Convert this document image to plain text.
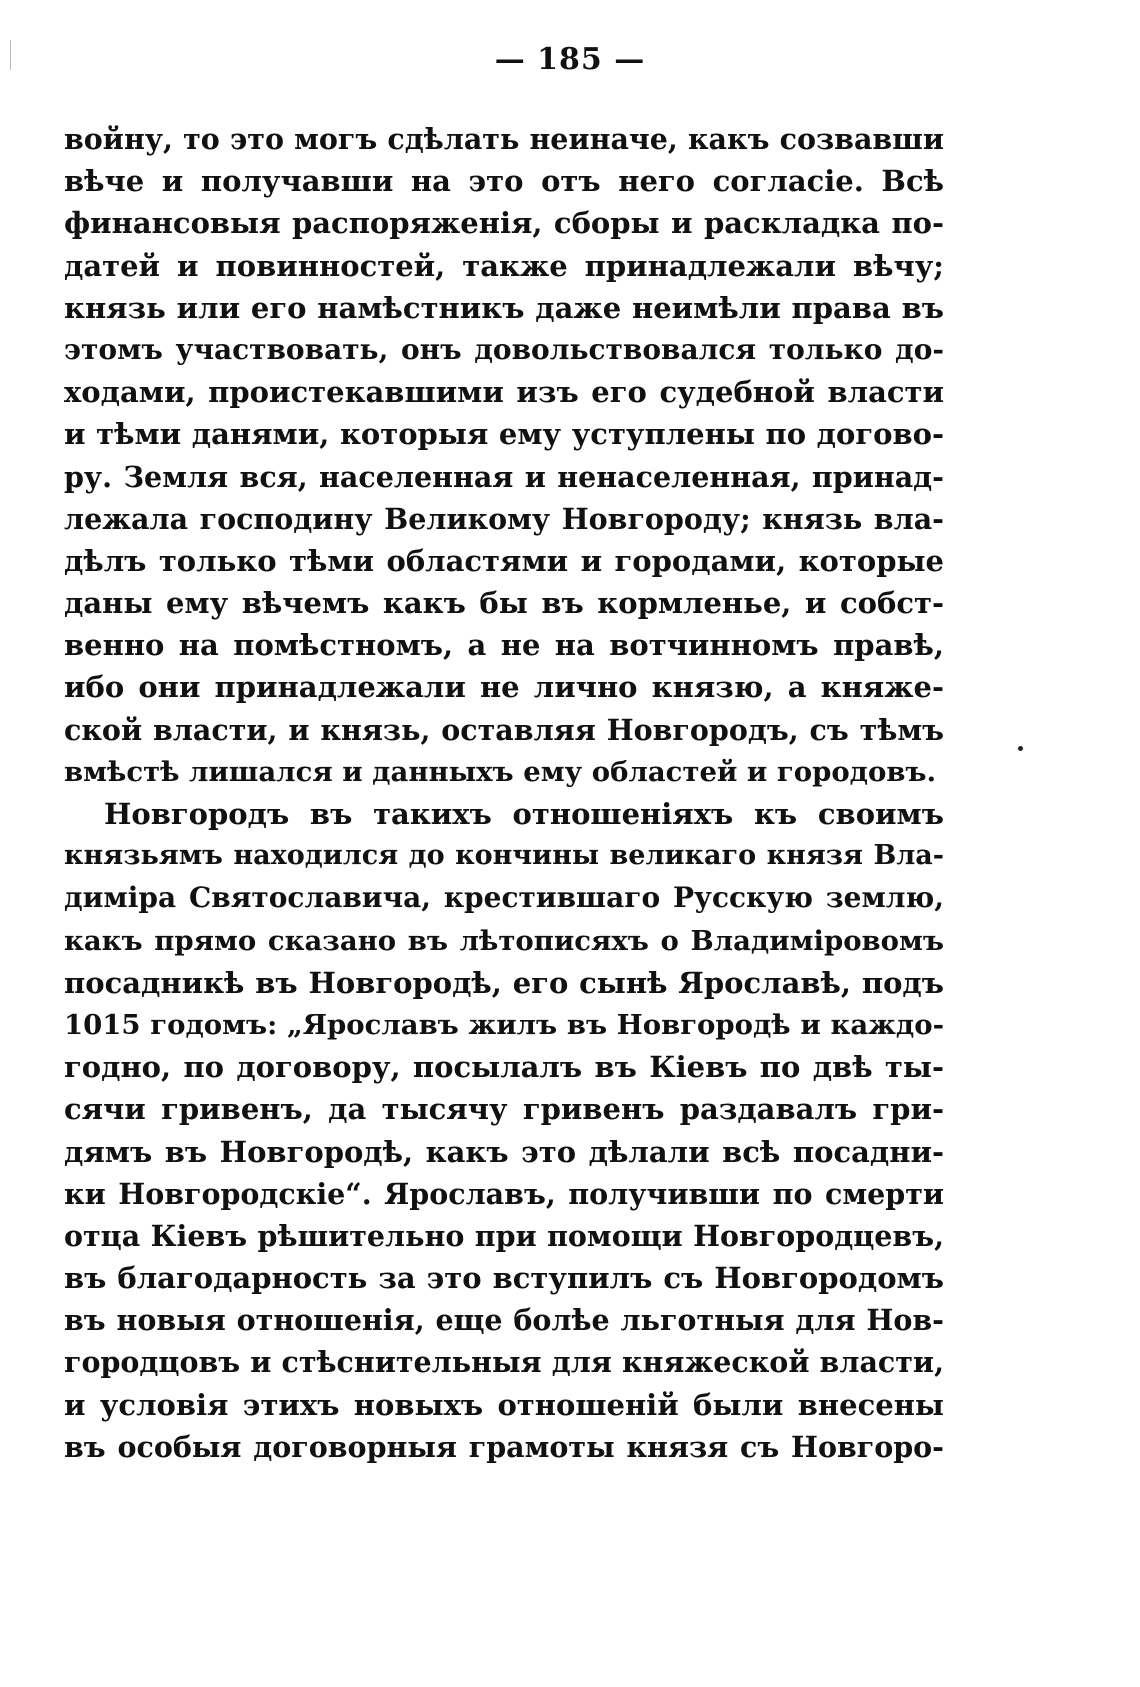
— 185 —
войну, то это могъ сдѣлать неиначе, какъ созвавши
вѣче и получавши на это отъ него согласіе. Всѣ
финансовыя распоряженія, сборы и раскладка по-
датей и повинностей, также принадлежали вѣчу;
князь или его намѣстникъ даже неимѣли права въ
этомъ участвовать, онъ довольствовался только до-
ходами, проистекавшими изъ его судебной власти
и тѣми данями, которыя ему уступлены по догово-
ру. Земля вся, населенная и ненаселенная, принад-
лежала господину Великому Новгороду; князь вла-
дѣлъ только тѣми областями и городами, которые
даны ему вѣчемъ какъ бы въ кормленье, и собст-
венно на помѣстномъ, а не на вотчинномъ правѣ,
ибо они принадлежали не лично князю, а княже-
ской власти, и князь, оставляя Новгородъ, съ тѣмъ
вмѣстѣ лишался и данныхъ ему областей и городовъ.
Новгородъ въ такихъ отношеніяхъ къ своимъ
князьямъ находился до кончины великаго князя Вла-
диміра Святославича, крестившаго Русскую землю,
какъ прямо сказано въ лѣтописяхъ о Владиміровомъ
посадникѣ въ Новгородѣ, его сынѣ Ярославѣ, подъ
1015 годомъ: „Ярославъ жилъ въ Новгородѣ и каждо-
годно, по договору, посылалъ въ Кіевъ по двѣ ты-
сячи гривенъ, да тысячу гривенъ раздавалъ гри-
дямъ въ Новгородѣ, какъ это дѣлали всѣ посадни-
ки Новгородскіе“. Ярославъ, получивши по смерти
отца Кіевъ рѣшительно при помощи Новгородцевъ,
въ благодарность за это вступилъ съ Новгородомъ
въ новыя отношенія, еще болѣе льготныя для Нов-
городцовъ и стѣснительныя для княжеской власти,
и условія этихъ новыхъ отношеній были внесены
въ особыя договорныя грамоты князя съ Новгоро-
